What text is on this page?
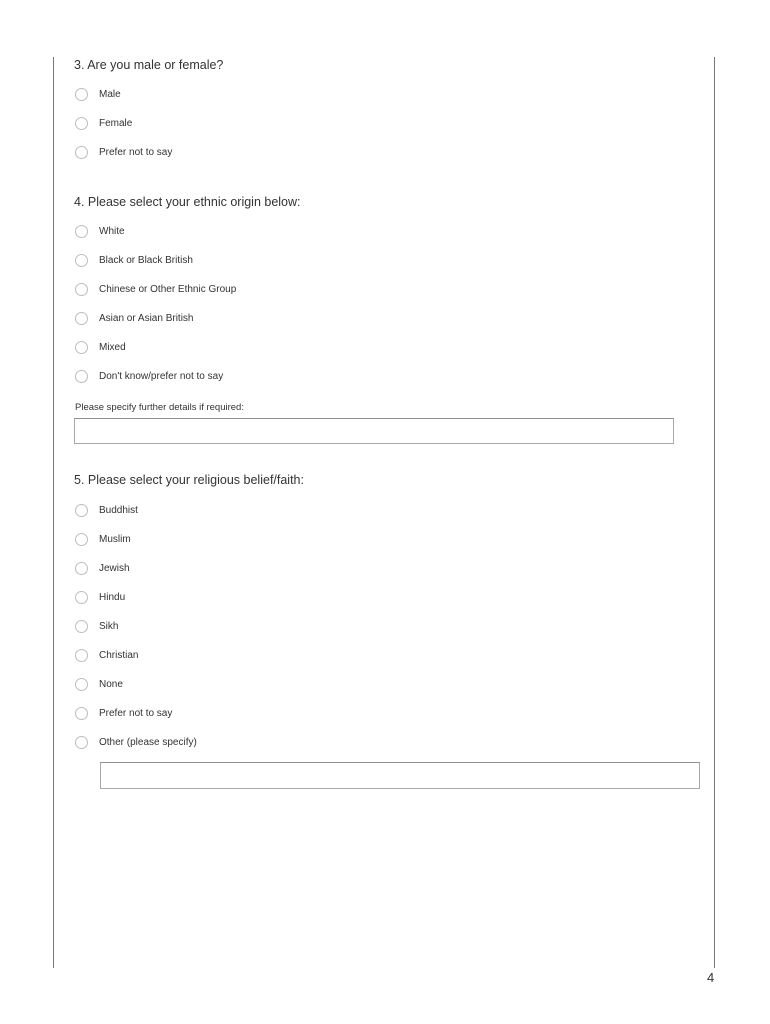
3. Are you male or female?
Male
Female
Prefer not to say
4. Please select your ethnic origin below:
White
Black or Black British
Chinese or Other Ethnic Group
Asian or Asian British
Mixed
Don't know/prefer not to say
Please specify further details if required:
5. Please select your religious belief/faith:
Buddhist
Muslim
Jewish
Hindu
Sikh
Christian
None
Prefer not to say
Other (please specify)
4
